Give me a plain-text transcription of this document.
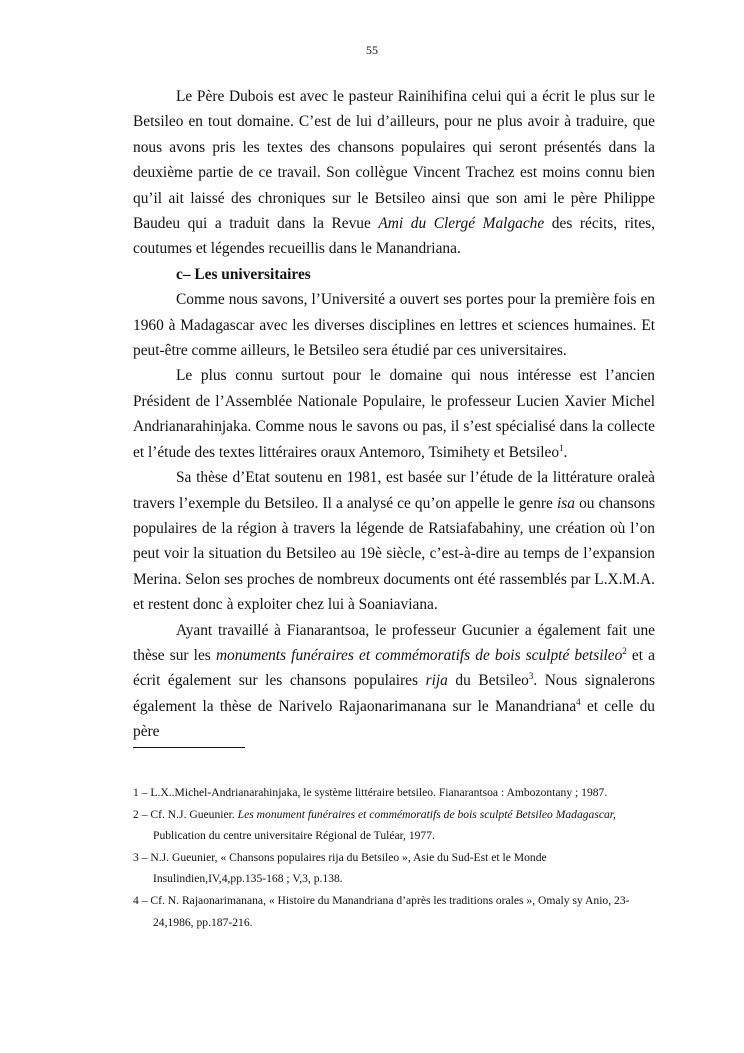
55

Le Père Dubois est avec le pasteur Rainihifina celui qui a écrit le plus sur le Betsileo en tout domaine. C’est de lui d’ailleurs, pour ne plus avoir à traduire, que nous avons pris les textes des chansons populaires qui seront présentés dans la deuxième partie de ce travail. Son collègue Vincent Trachez est moins connu bien qu’il ait laissé des chroniques sur le Betsileo ainsi que son ami le père Philippe Baudeu qui a traduit dans la Revue Ami du Clergé Malgache des récits, rites, coutumes et légendes recueillis dans le Manandriana.

c– Les universitaires

Comme nous savons, l’Université a ouvert ses portes pour la première fois en 1960 à Madagascar avec les diverses disciplines en lettres et sciences humaines. Et peut-être comme ailleurs, le Betsileo sera étudié par ces universitaires.

Le plus connu surtout pour le domaine qui nous intéresse est l’ancien Président de l’Assemblée Nationale Populaire, le professeur Lucien Xavier Michel Andrianarahinjaka. Comme nous le savons ou pas, il s’est spécialisé dans la collecte et l’étude des textes littéraires oraux Antemoro, Tsimihety et Betsileo$^1$.

Sa thèse d’Etat soutenu en 1981, est basée sur l’étude de la littérature oraleà travers l’exemple du Betsileo. Il a analysé ce qu’on appelle le genre isa ou chansons populaires de la région à travers la légende de Ratsiafabahiny, une création où l’on peut voir la situation du Betsileo au 19è siècle, c’est-à-dire au temps de l’expansion Merina. Selon ses proches de nombreux documents ont été rassemblés par L.X.M.A. et restent donc à exploiter chez lui à Soaniaviana.

Ayant travaillé à Fianarantsoa, le professeur Gucunier a également fait une thèse sur les monuments funéraires et commémoratifs de bois sculpté betsileo$^2$ et a écrit également sur les chansons populaires rija du Betsileo$^3$. Nous signalerons également la thèse de Narivelo Rajaonarimanana sur le Manandriana$^4$ et celle du père

1 – L.X..Michel-Andrianarahinjaka, le système littéraire betsileo. Fianarantsoa : Ambozontany ; 1987.
2 – Cf. N.J. Gueunier. Les monument funéraires et commémoratifs de bois sculpté Betsileo Madagascar, Publication du centre universitaire Régional de Tuléar, 1977.
3 – N.J. Gueunier, « Chansons populaires rija du Betsileo », Asie du Sud-Est et le Monde Insulindien,IV,4,pp.135-168 ; V,3, p.138.
4 – Cf. N. Rajaonarimanana, « Histoire du Manandriana d’après les traditions orales », Omaly sy Anio, 23-24,1986, pp.187-216.
